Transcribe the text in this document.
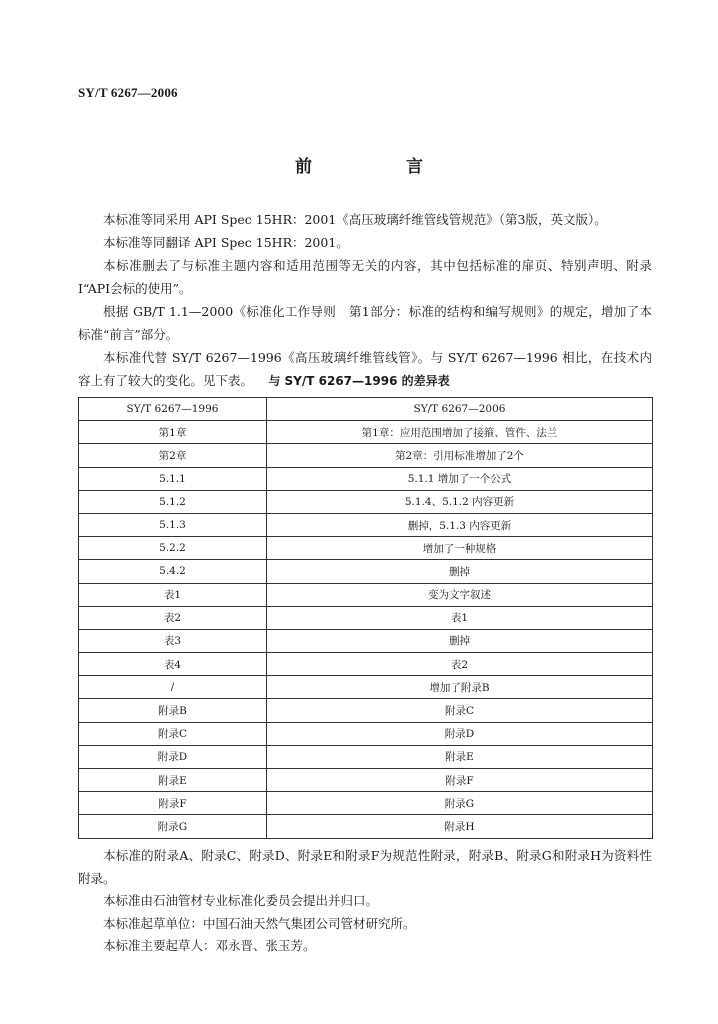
SY/T 6267—2006
前 言

本标准等同采用 API Spec 15HR：2001《高压玻璃纤维管线管规范》（第3版，英文版）。

本标准等同翻译 API Spec 15HR：2001。

本标准删去了与标准主题内容和适用范围等无关的内容，其中包括标准的扉页、特别声明、附录 I“API会标的使用”。

根据 GB/T 1.1—2000《标准化工作导则　第1部分：标准的结构和编写规则》的规定，增加了本标准“前言”部分。

本标准代替 SY/T 6267—1996《高压玻璃纤维管线管》。与 SY/T 6267—1996 相比，在技术内容上有了较大的变化。见下表。	与 SY/T 6267—1996 的差异表
SY/T 6267—1996	SY/T 6267—2006
第1章	第1章：应用范围增加了接箍、管件、法兰
第2章	第2章：引用标准增加了2个
5.1.1	5.1.1 增加了一个公式
5.1.2	5.1.4、5.1.2 内容更新
5.1.3	删掉，5.1.3 内容更新
5.2.2	增加了一种规格
5.4.2	删掉
表1	变为文字叙述
表2	表1
表3	删掉
表4	表2
/	增加了附录B
附录B	附录C
附录C	附录D
附录D	附录E
附录E	附录F
附录F	附录G
附录G	附录H

本标准的附录A、附录C、附录D、附录E和附录F为规范性附录，附录B、附录G和附录H为资料性附录。

本标准由石油管材专业标准化委员会提出并归口。

本标准起草单位：中国石油天然气集团公司管材研究所。

本标准主要起草人：邓永晋、张玉芳。
